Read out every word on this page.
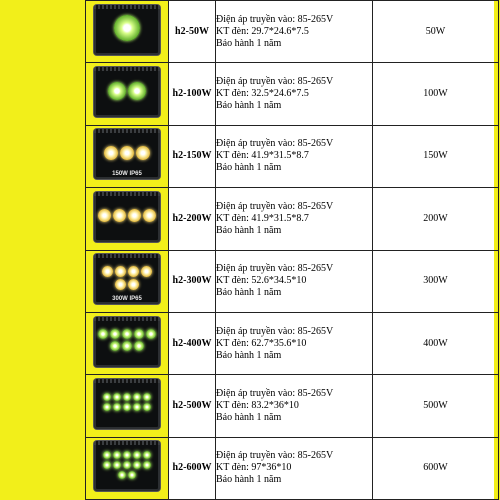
	h2-50W	Điện áp truyền vào: 85-265V
KT đèn: 29.7*24.6*7.5
Bảo hành 1 năm	50W

	h2-100W	Điện áp truyền vào: 85-265V
KT đèn: 32.5*24.6*7.5
Bảo hành 1 năm	100W

150W IP65	h2-150W	Điện áp truyền vào: 85-265V
KT đèn: 41.9*31.5*8.7
Bảo hành 1 năm	150W

	h2-200W	Điện áp truyền vào: 85-265V
KT đèn: 41.9*31.5*8.7
Bảo hành 1 năm	200W

300W IP65	h2-300W	Điện áp truyền vào: 85-265V
KT đèn: 52.6*34.5*10
Bảo hành 1 năm	300W

	h2-400W	Điện áp truyền vào: 85-265V
KT đèn: 62.7*35.6*10
Bảo hành 1 năm	400W

	h2-500W	Điện áp truyền vào: 85-265V
KT đèn: 83.2*36*10
Bảo hành 1 năm	500W

	h2-600W	Điện áp truyền vào: 85-265V
KT đèn: 97*36*10
Bảo hành 1 năm	600W
